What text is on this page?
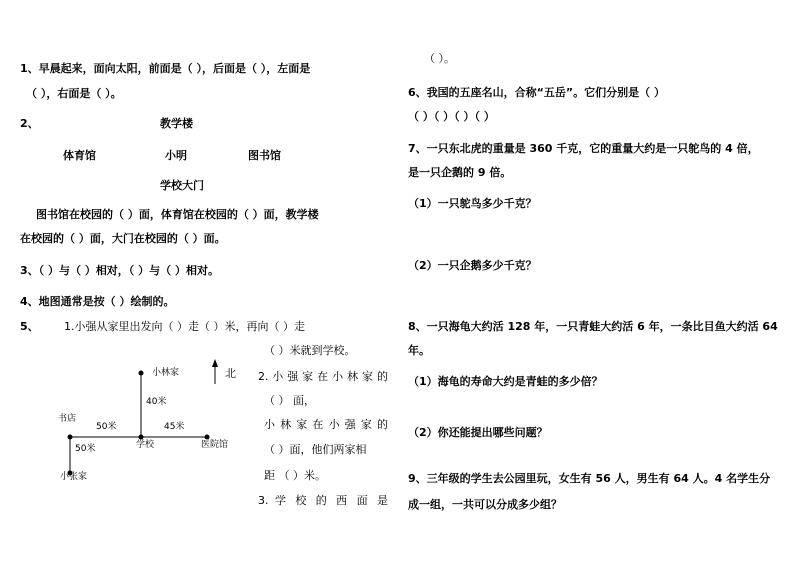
1、早晨起来，面向太阳，前面是（ ），后面是（ ），左面是
（ ），右面是（ ）。
2、	教学楼
体育馆	小明	图书馆
学校大门
图书馆在校园的（ ）面，体育馆在校园的（ ）面，教学楼
在校园的（ ）面，大门在校园的（ ）面。
3、（ ）与（ ）相对，（ ）与（ ）相对。
4、地图通常是按（ ）绘制的。
5、 1.小强从家里出发向（ ）走（ ）米，再向（ ）走
（ ）米就到学校。
2. 小 强 家 在 小 林 家 的
（ ） 面，
小 林 家 在 小 强 家 的
（ ）面，他们两家相
距 （ ）米。
3. 学 校 的 西 面 是
小林家	北
40米
书店
50米	45米
50米	学校	医院馆
小张家
（ ）。
6、我国的五座名山，合称“五岳”。它们分别是（ ）
（ ）（ ）（ ）（ ）
7、一只东北虎的重量是 360 千克，它的重量大约是一只鸵鸟的 4 倍，
是一只企鹅的 9 倍。
（1）一只鸵鸟多少千克？
（2）一只企鹅多少千克？
8、一只海龟大约活 128 年，一只青蛙大约活 6 年，一条比目鱼大约活 64
年。
（1）海龟的寿命大约是青蛙的多少倍？
（2）你还能提出哪些问题？
9、三年级的学生去公园里玩，女生有 56 人，男生有 64 人。4 名学生分
成一组，一共可以分成多少组？
